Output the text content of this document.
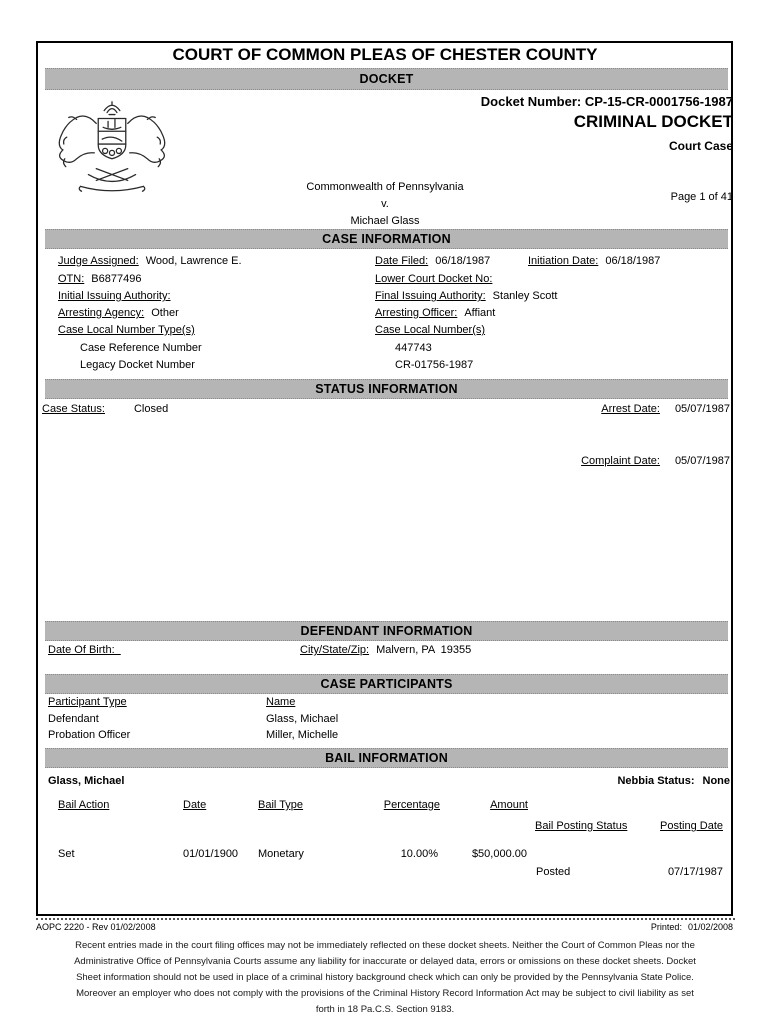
COURT OF COMMON PLEAS OF CHESTER COUNTY
DOCKET
Docket Number: CP-15-CR-0001756-1987
CRIMINAL DOCKET
Court Case
Commonwealth of Pennsylvania
v.
Michael Glass
Page 1 of 41
CASE INFORMATION
Judge Assigned: Wood, Lawrence E.	Date Filed: 06/18/1987	Initiation Date: 06/18/1987
OTN: B6877496	Lower Court Docket No:
Initial Issuing Authority:	Final Issuing Authority: Stanley Scott
Arresting Agency: Other	Arresting Officer: Affiant
Case Local Number Type(s)	Case Local Number(s)
Case Reference Number	447743
Legacy Docket Number	CR-01756-1987
STATUS INFORMATION
Case Status:	Closed	Arrest Date: 05/07/1987
Complaint Date: 05/07/1987
DEFENDANT INFORMATION
Date Of Birth:	City/State/Zip: Malvern, PA  19355
CASE PARTICIPANTS
Participant Type	Name
Defendant	Glass, Michael
Probation Officer	Miller, Michelle
BAIL INFORMATION
Glass, Michael	Nebbia Status: None
Bail Action	Date	Bail Type	Percentage	Amount
Bail Posting Status	Posting Date
Set	01/01/1900 Monetary	10.00%	$50,000.00
Posted	07/17/1987
AOPC 2220 - Rev 01/02/2008	Printed: 01/02/2008
Recent entries made in the court filing offices may not be immediately reflected on these docket sheets. Neither the Court of Common Pleas nor the
Administrative Office of Pennsylvania Courts assume any liability for inaccurate or delayed data, errors or omissions on these docket sheets. Docket
Sheet information should not be used in place of a criminal history background check which can only be provided by the Pennsylvania State Police.
Moreover an employer who does not comply with the provisions of the Criminal History Record Information Act may be subject to civil liability as set
forth in 18 Pa.C.S. Section 9183.
